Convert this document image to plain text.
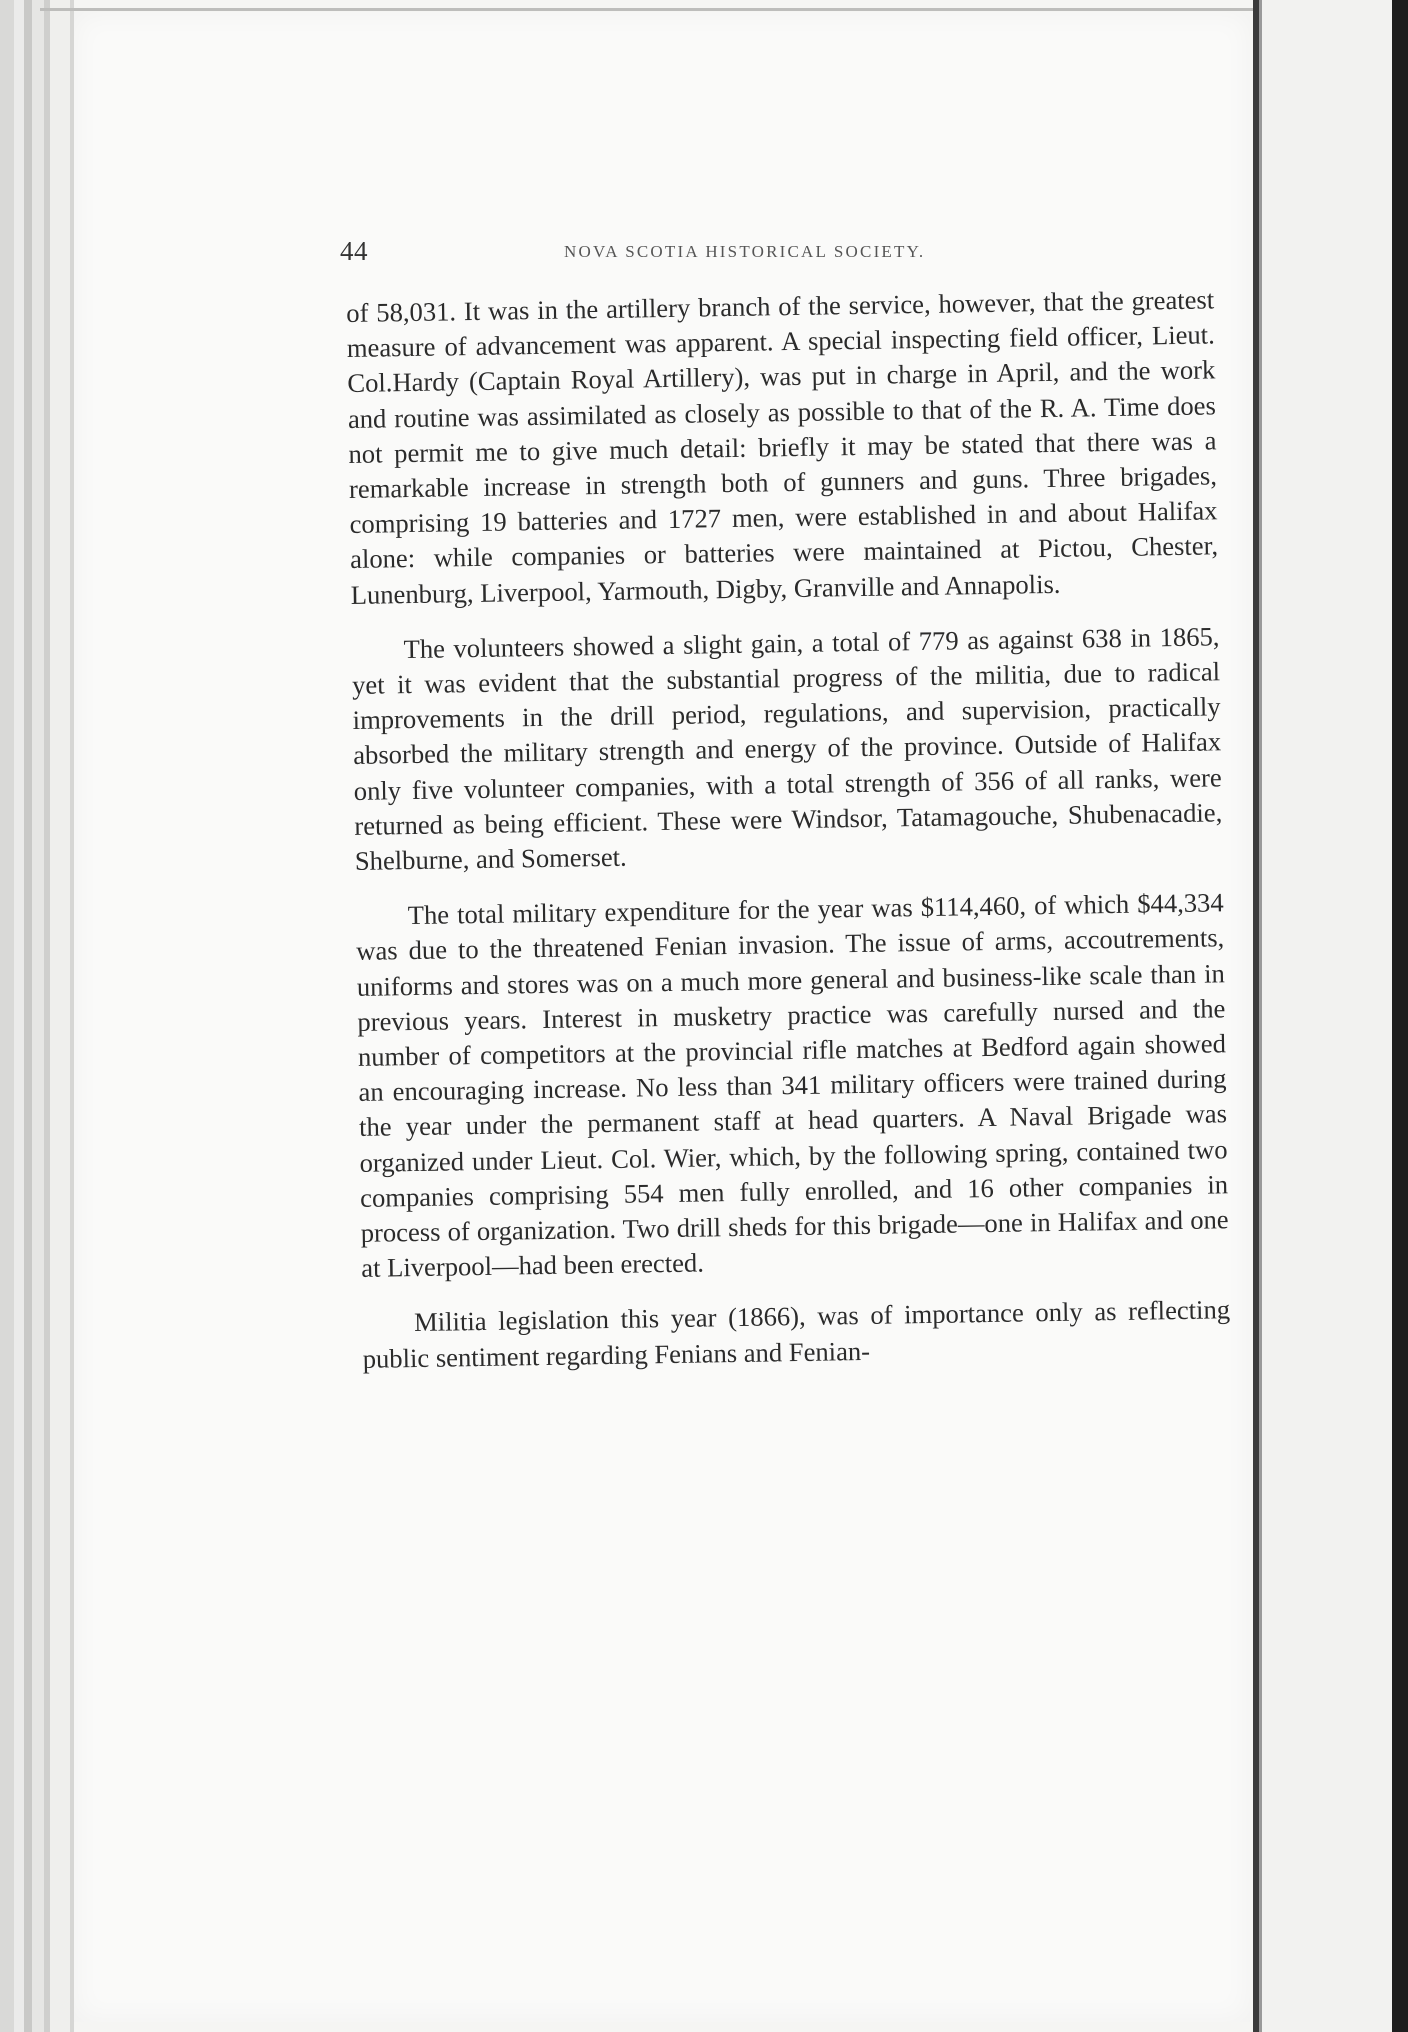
44	NOVA SCOTIA HISTORICAL SOCIETY.

of 58,031. It was in the artillery branch of the service, however, that the greatest measure of advancement was apparent. A special inspecting field officer, Lieut. Col.Hardy (Captain Royal Artillery), was put in charge in April, and the work and routine was assimilated as closely as possible to that of the R. A. Time does not permit me to give much detail: briefly it may be stated that there was a remarkable increase in strength both of gunners and guns. Three brigades, comprising 19 batteries and 1727 men, were established in and about Halifax alone: while companies or batteries were maintained at Pictou, Chester, Lunenburg, Liverpool, Yarmouth, Digby, Granville and Annapolis.

The volunteers showed a slight gain, a total of 779 as against 638 in 1865, yet it was evident that the substantial progress of the militia, due to radical improvements in the drill period, regulations, and supervision, practically absorbed the military strength and energy of the province. Outside of Halifax only five volunteer companies, with a total strength of 356 of all ranks, were returned as being efficient. These were Windsor, Tatamagouche, Shubenacadie, Shelburne, and Somerset.

The total military expenditure for the year was $114,460, of which $44,334 was due to the threatened Fenian invasion. The issue of arms, accoutrements, uniforms and stores was on a much more general and business-like scale than in previous years. Interest in musketry practice was carefully nursed and the number of competitors at the provincial rifle matches at Bedford again showed an encouraging increase. No less than 341 military officers were trained during the year under the permanent staff at head quarters. A Naval Brigade was organized under Lieut. Col. Wier, which, by the following spring, contained two companies comprising 554 men fully enrolled, and 16 other companies in process of organization. Two drill sheds for this brigade—one in Halifax and one at Liverpool—had been erected.

Militia legislation this year (1866), was of importance only as reflecting public sentiment regarding Fenians and Fenian-
